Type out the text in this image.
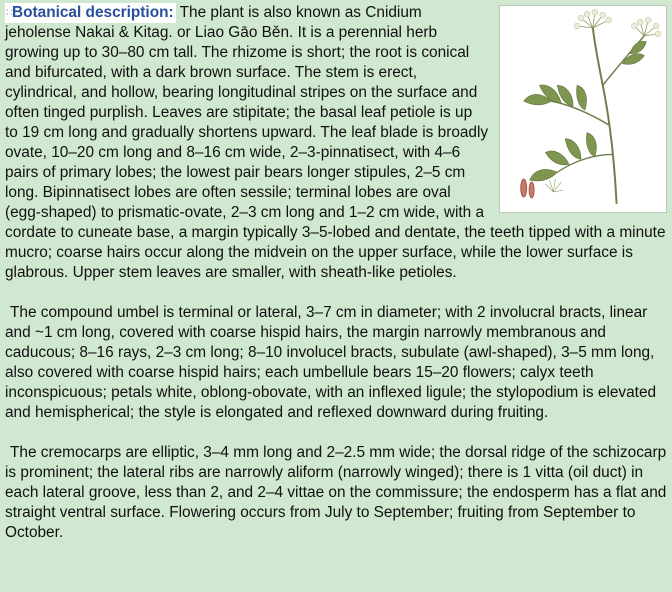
∷Botanical description: The plant is also known as Cnidium jeholense Nakai & Kitag. or Liao Gāo Běn. It is a perennial herb growing up to 30–80 cm tall. The rhizome is short; the root is conical and bifurcated, with a dark brown surface. The stem is erect, cylindrical, and hollow, bearing longitudinal stripes on the surface and often tinged purplish. Leaves are stipitate; the basal leaf petiole is up to 19 cm long and gradually shortens upward. The leaf blade is broadly ovate, 10–20 cm long and 8–16 cm wide, 2–3-pinnatisect, with 4–6 pairs of primary lobes; the lowest pair bears longer stipules, 2–5 cm long. Bipinnatisect lobes are often sessile; terminal lobes are oval (egg-shaped) to prismatic-ovate, 2–3 cm long and 1–2 cm wide, with a cordate to cuneate base, a margin typically 3–5-lobed and dentate, the teeth tipped with a minute mucro; coarse hairs occur along the midvein on the upper surface, while the lower surface is glabrous. Upper stem leaves are smaller, with sheath-like petioles.

The compound umbel is terminal or lateral, 3–7 cm in diameter; with 2 involucral bracts, linear and ~1 cm long, covered with coarse hispid hairs, the margin narrowly membranous and caducous; 8–16 rays, 2–3 cm long; 8–10 involucel bracts, subulate (awl-shaped), 3–5 mm long, also covered with coarse hispid hairs; each umbellule bears 15–20 flowers; calyx teeth inconspicuous; petals white, oblong-obovate, with an inflexed ligule; the stylopodium is elevated and hemispherical; the style is elongated and reflexed downward during fruiting.

The cremocarps are elliptic, 3–4 mm long and 2–2.5 mm wide; the dorsal ridge of the schizocarp is prominent; the lateral ribs are narrowly aliform (narrowly winged); there is 1 vitta (oil duct) in each lateral groove, less than 2, and 2–4 vittae on the commissure; the endosperm has a flat and straight ventral surface. Flowering occurs from July to September; fruiting from September to October.
